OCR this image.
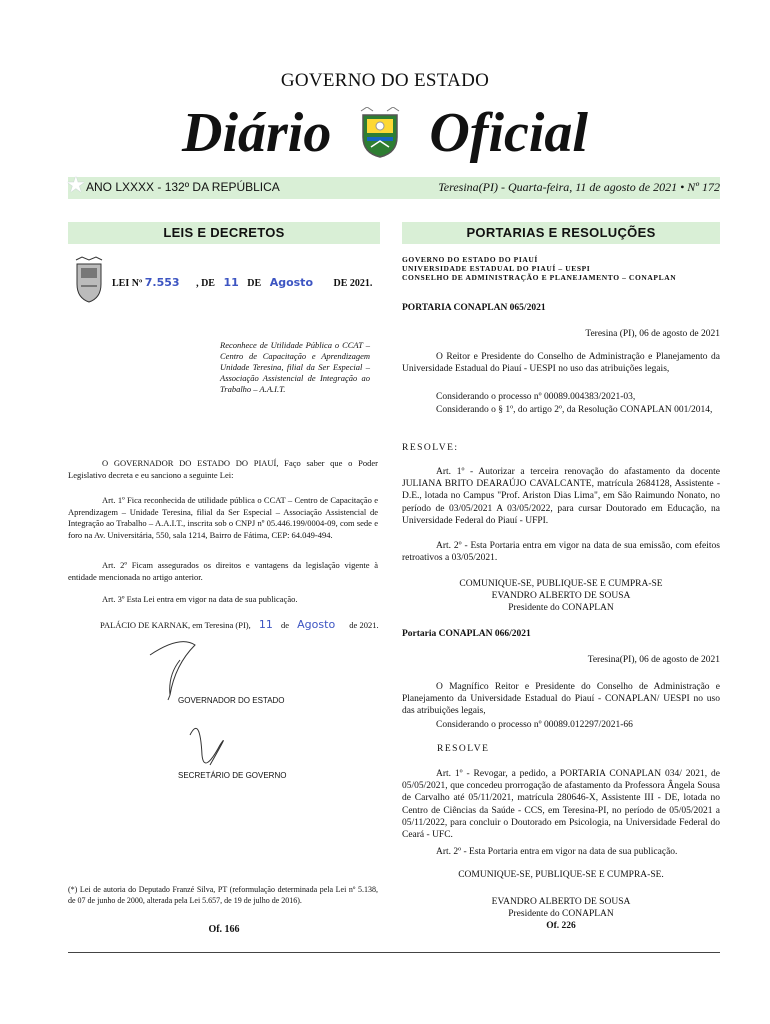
GOVERNO DO ESTADO
Diário Oficial
★ ANO LXXXX - 132º DA REPÚBLICA	Teresina(PI) - Quarta-feira, 11 de agosto de 2021 • Nº 172
LEIS E DECRETOS	PORTARIAS E RESOLUÇÕES
LEI Nº 7.553 , DE 11 DE Agosto DE 2021.
Reconhece de Utilidade Pública o CCAT – Centro de Capacitação e Aprendizagem Unidade Teresina, filial da Ser Especial – Associação Assistencial de Integração ao Trabalho – A.A.I.T.
O GOVERNADOR DO ESTADO DO PIAUÍ, Faço saber que o Poder Legislativo decreta e eu sanciono a seguinte Lei:
Art. 1º Fica reconhecida de utilidade pública o CCAT – Centro de Capacitação e Aprendizagem – Unidade Teresina, filial da Ser Especial – Associação Assistencial de Integração ao Trabalho – A.A.I.T., inscrita sob o CNPJ nº 05.446.199/0004-09, com sede e foro na Av. Universitária, 550, sala 1214, Bairro de Fátima, CEP: 64.049-494.
Art. 2º Ficam assegurados os direitos e vantagens da legislação vigente à entidade mencionada no artigo anterior.
Art. 3º Esta Lei entra em vigor na data de sua publicação.
PALÁCIO DE KARNAK, em Teresina (PI), 11 de Agosto de 2021.
GOVERNADOR DO ESTADO
SECRETÁRIO DE GOVERNO
(*) Lei de autoria do Deputado Franzé Silva, PT (reformulação determinada pela Lei nº 5.138, de 07 de junho de 2000, alterada pela Lei 5.657, de 19 de julho de 2016).
Of. 166
GOVERNO DO ESTADO DO PIAUÍ
UNIVERSIDADE ESTADUAL DO PIAUÍ – UESPI
CONSELHO DE ADMINISTRAÇÃO E PLANEJAMENTO – CONAPLAN
PORTARIA CONAPLAN 065/2021
Teresina (PI), 06 de agosto de 2021
O Reitor e Presidente do Conselho de Administração e Planejamento da Universidade Estadual do Piauí - UESPI no uso das atribuições legais,
Considerando o processo nº 00089.004383/2021-03,
Considerando o § 1º, do artigo 2º, da Resolução CONAPLAN 001/2014,
RESOLVE:
Art. 1º - Autorizar a terceira renovação do afastamento da docente JULIANA BRITO DEARAÚJO CAVALCANTE, matrícula 2684128, Assistente - D.E., lotada no Campus "Prof. Ariston Dias Lima", em São Raimundo Nonato, no período de 03/05/2021 A 03/05/2022, para cursar Doutorado em Educação, na Universidade Federal do Piauí - UFPI.
Art. 2º - Esta Portaria entra em vigor na data de sua emissão, com efeitos retroativos a 03/05/2021.
COMUNIQUE-SE, PUBLIQUE-SE E CUMPRA-SE
EVANDRO ALBERTO DE SOUSA
Presidente do CONAPLAN
Portaria CONAPLAN 066/2021
Teresina(PI), 06 de agosto de 2021
O Magnífico Reitor e Presidente do Conselho de Administração e Planejamento da Universidade Estadual do Piauí - CONAPLAN/ UESPI no uso das atribuições legais,
Considerando o processo nº 00089.012297/2021-66
RESOLVE
Art. 1º - Revogar, a pedido, a PORTARIA CONAPLAN 034/ 2021, de 05/05/2021, que concedeu prorrogação de afastamento da Professora Ângela Sousa de Carvalho até 05/11/2021, matrícula 280646-X, Assistente III - DE, lotada no Centro de Ciências da Saúde - CCS, em Teresina-PI, no período de 05/05/2021 a 05/11/2022, para concluir o Doutorado em Psicologia, na Universidade Federal do Ceará - UFC.
Art. 2º - Esta Portaria entra em vigor na data de sua publicação.
COMUNIQUE-SE, PUBLIQUE-SE E CUMPRA-SE.
EVANDRO ALBERTO DE SOUSA
Presidente do CONAPLAN
Of. 226
